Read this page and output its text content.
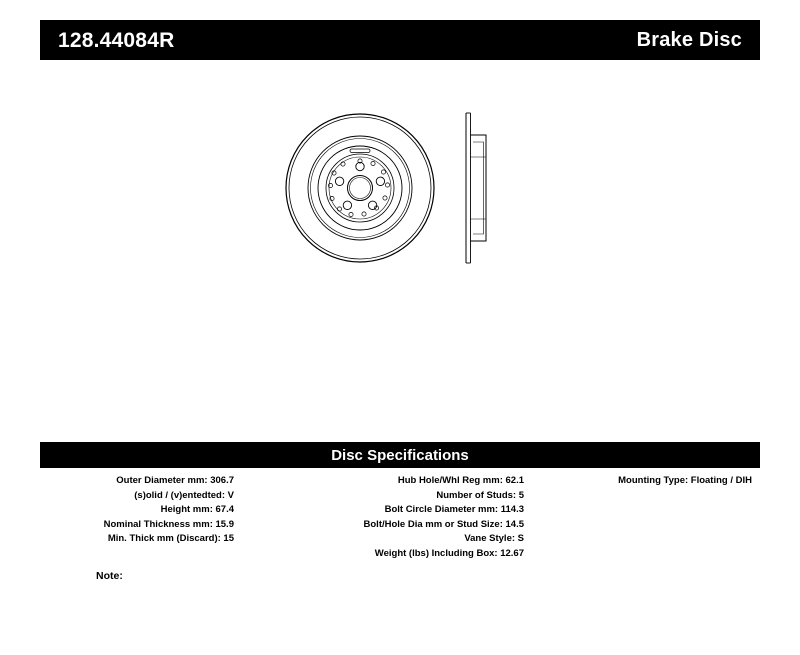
128.44084R	Brake Disc
Disc Specifications
Outer Diameter mm: 306.7
(s)olid / (v)entedted: V
Height mm: 67.4
Nominal Thickness mm: 15.9
Min. Thick mm (Discard): 15
Hub Hole/Whl Reg mm: 62.1
Number of Studs: 5
Bolt Circle Diameter mm: 114.3
Bolt/Hole Dia mm or Stud Size: 14.5
Vane Style: S
Weight (lbs) Including Box: 12.67
Mounting Type: Floating / DIH
Note:
